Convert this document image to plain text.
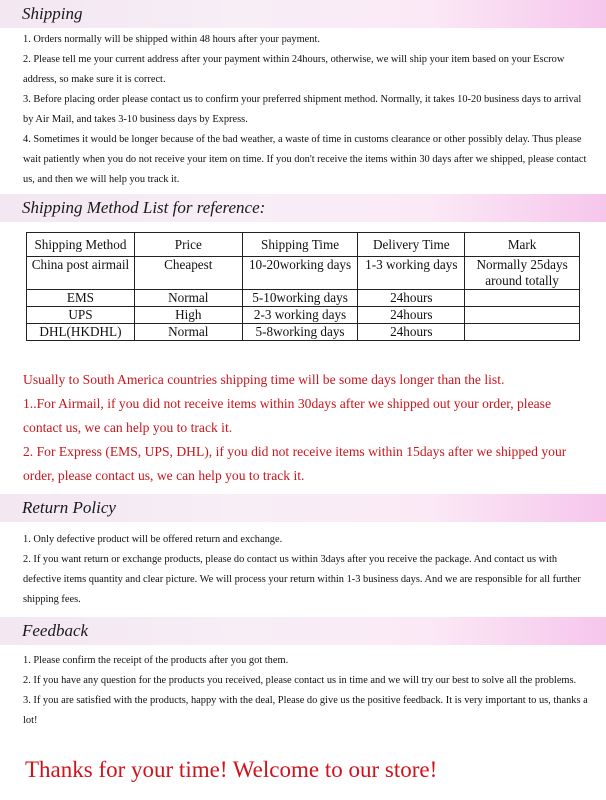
Shipping

1. Orders normally will be shipped within 48 hours after your payment.

2. Please tell me your current address after your payment within 24hours, otherwise, we will ship your item based on your Escrow address, so make sure it is correct.

3. Before placing order please contact us to confirm your preferred shipment method. Normally, it takes 10-20 business days to arrival by Air Mail, and takes 3-10 business days by Express.

4. Sometimes it would be longer because of the bad weather, a waste of time in customs clearance or other possibly delay. Thus please wait patiently when you do not receive your item on time. If you don't receive the items within 30 days after we shipped, please contact us, and then we will help you track it.

Shipping Method List for reference:
Shipping Method	Price	Shipping Time	Delivery Time	Mark
China post airmail	Cheapest	10-20working days	1-3 working days	Normally 25days around totally
EMS	Normal	5-10working days	24hours	
UPS	High	2-3 working days	24hours	
DHL(HKDHL)	Normal	5-8working days	24hours	

Usually to South America countries shipping time will be some days longer than the list.

1..For Airmail, if you did not receive items within 30days after we shipped out your order, please contact us, we can help you to track it.

2. For Express (EMS, UPS, DHL), if you did not receive items within 15days after we shipped your order, please contact us, we can help you to track it.

Return Policy

1. Only defective product will be offered return and exchange.

2. If you want return or exchange products, please do contact us within 3days after you receive the package. And contact us with defective items quantity and clear picture. We will process your return within 1-3 business days. And we are responsible for all further shipping fees.

Feedback

1. Please confirm the receipt of the products after you got them.

2. If you have any question for the products you received, please contact us in time and we will try our best to solve all the problems.

3. If you are satisfied with the products, happy with the deal, Please do give us the positive feedback. It is very important to us, thanks a lot!

Thanks for your time! Welcome to our store!
